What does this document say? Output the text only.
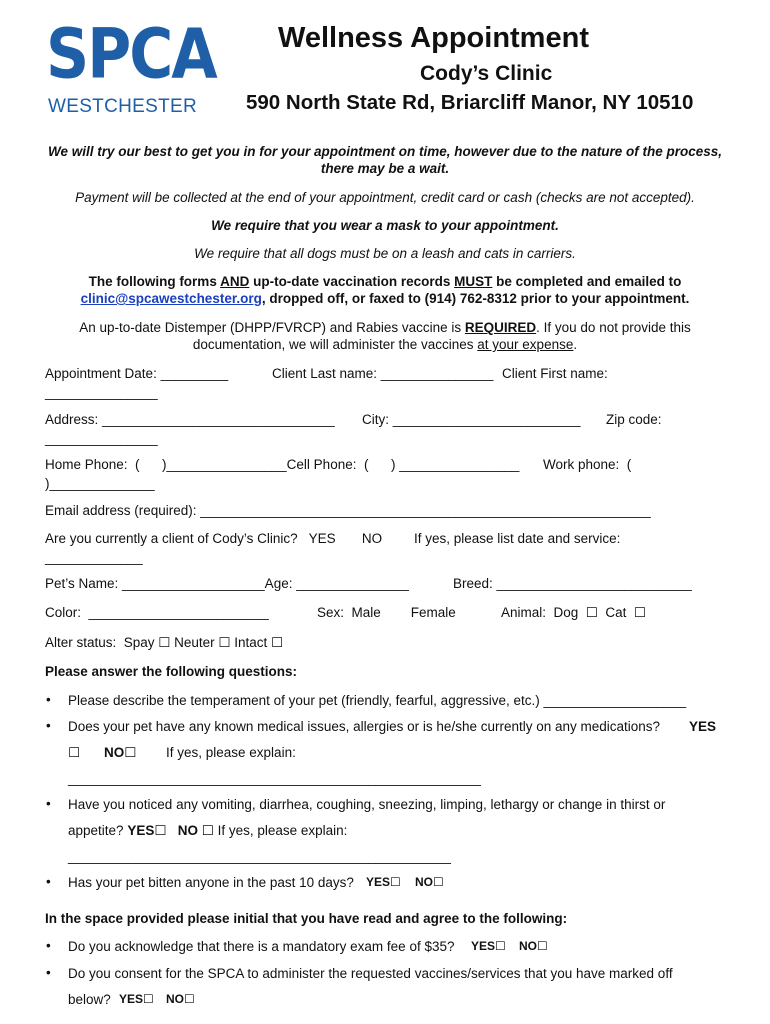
SPCA
WESTCHESTER
Wellness Appointment
Cody’s Clinic
590 North State Rd, Briarcliff Manor, NY 10510
We will try our best to get you in for your appointment on time, however due to the nature of the process, there may be a wait.
Payment will be collected at the end of your appointment, credit card or cash (checks are not accepted).
We require that you wear a mask to your appointment.
We require that all dogs must be on a leash and cats in carriers.
The following forms AND up-to-date vaccination records MUST be completed and emailed to
clinic@spcawestchester.org, dropped off, or faxed to (914) 762-8312 prior to your appointment.
An up-to-date Distemper (DHPP/FVRCP) and Rabies vaccine is REQUIRED. If you do not provide this
documentation, we will administer the vaccines at your expense.
Appointment Date: _________	Client Last name: _______________ Client First name:
_______________
Address: _______________________________ City: _________________________ Zip code:
_______________
Home Phone:  (      )________________Cell Phone:  (      ) ________________ Work phone:  (
)______________
Email address (required): ____________________________________________________________
Are you currently a client of Cody’s Clinic?   YES       NO If yes, please list date and service:
_____________
Pet’s Name: ___________________Age: _______________	Breed: __________________________
Color:  ________________________	Sex:  Male        Female	Animal:  Dog  ☐  Cat  ☐
Alter status:  Spay ☐ Neuter ☐ Intact ☐
Please answer the following questions:
• Please describe the temperament of your pet (friendly, fearful, aggressive, etc.) ___________________
• Does your pet have any known medical issues, allergies or is he/she currently on any medications? YES
☐ NO☐ If yes, please explain:
_______________________________________________________
• Have you noticed any vomiting, diarrhea, coughing, sneezing, limping, lethargy or change in thirst or
appetite? YES☐ NO ☐ If yes, please explain:
___________________________________________________
• Has your pet bitten anyone in the past 10 days? YES☐ NO☐
In the space provided please initial that you have read and agree to the following:
• Do you acknowledge that there is a mandatory exam fee of $35? YES☐ NO☐
• Do you consent for the SPCA to administer the requested vaccines/services that you have marked off
below? YES☐ NO☐
